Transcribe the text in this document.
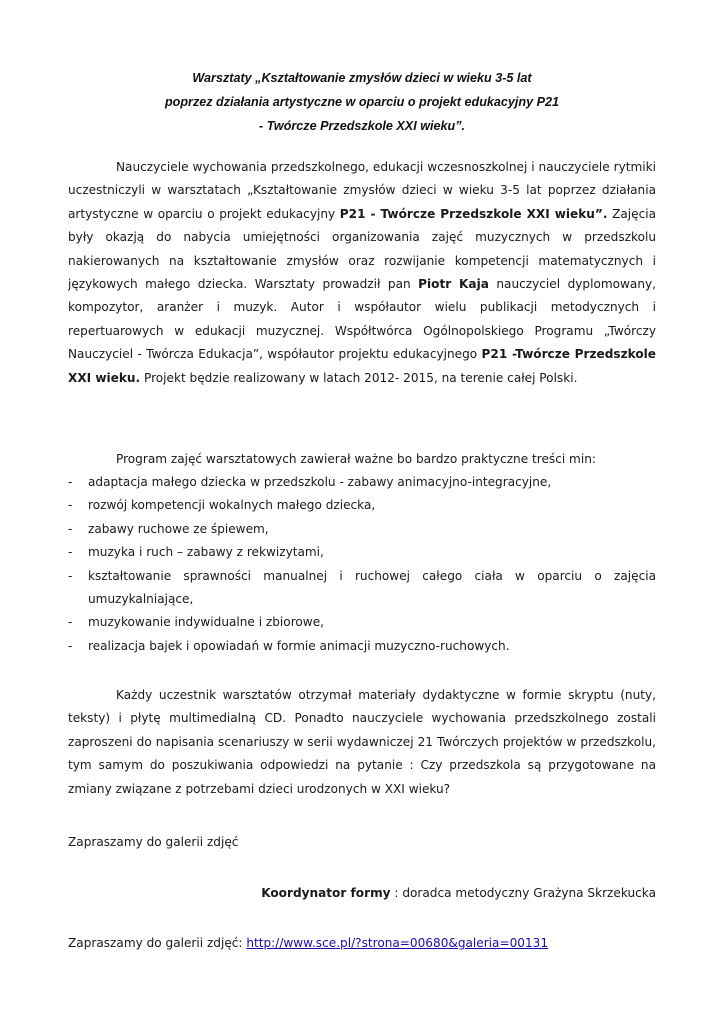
Warsztaty „Kształtowanie zmysłów dzieci w wieku 3-5 lat
poprzez działania artystyczne w oparciu o projekt edukacyjny P21
- Twórcze Przedszkole XXI wieku”.

Nauczyciele wychowania przedszkolnego, edukacji wczesnoszkolnej i nauczyciele rytmiki uczestniczyli w warsztatach „Kształtowanie zmysłów dzieci w wieku 3-5 lat poprzez działania artystyczne w oparciu o projekt edukacyjny P21 - Twórcze Przedszkole XXI wieku”. Zajęcia były okazją do nabycia umiejętności organizowania zajęć muzycznych w przedszkolu nakierowanych na kształtowanie zmysłów oraz rozwijanie kompetencji matematycznych i językowych małego dziecka. Warsztaty prowadził pan Piotr Kaja nauczyciel dyplomowany, kompozytor, aranżer i muzyk. Autor i współautor wielu publikacji metodycznych i repertuarowych w edukacji muzycznej. Współtwórca Ogólnopolskiego Programu „Twórczy Nauczyciel - Twórcza Edukacja”, współautor projektu edukacyjnego P21 -Twórcze Przedszkole XXI wieku. Projekt będzie realizowany w latach 2012- 2015, na terenie całej Polski.

Program zajęć warsztatowych zawierał ważne bo bardzo praktyczne treści min:

- adaptacja małego dziecka w przedszkolu - zabawy animacyjno-integracyjne,
- rozwój kompetencji wokalnych małego dziecka,
- zabawy ruchowe ze śpiewem,
- muzyka i ruch – zabawy z rekwizytami,
- kształtowanie sprawności manualnej i ruchowej całego ciała w oparciu o zajęcia umuzykalniające,
- muzykowanie indywidualne i zbiorowe,
- realizacja bajek i opowiadań w formie animacji muzyczno-ruchowych.

Każdy uczestnik warsztatów otrzymał materiały dydaktyczne w formie skryptu (nuty, teksty) i płytę multimedialną CD. Ponadto nauczyciele wychowania przedszkolnego zostali zaproszeni do napisania scenariuszy w serii wydawniczej 21 Twórczych projektów w przedszkolu, tym samym do poszukiwania odpowiedzi na pytanie : Czy przedszkola są przygotowane na zmiany związane z potrzebami dzieci urodzonych w XXI wieku?

Zapraszamy do galerii zdjęć

Koordynator formy : doradca metodyczny Grażyna Skrzekucka

Zapraszamy do galerii zdjęć: http://www.sce.pl/?strona=00680&galeria=00131
